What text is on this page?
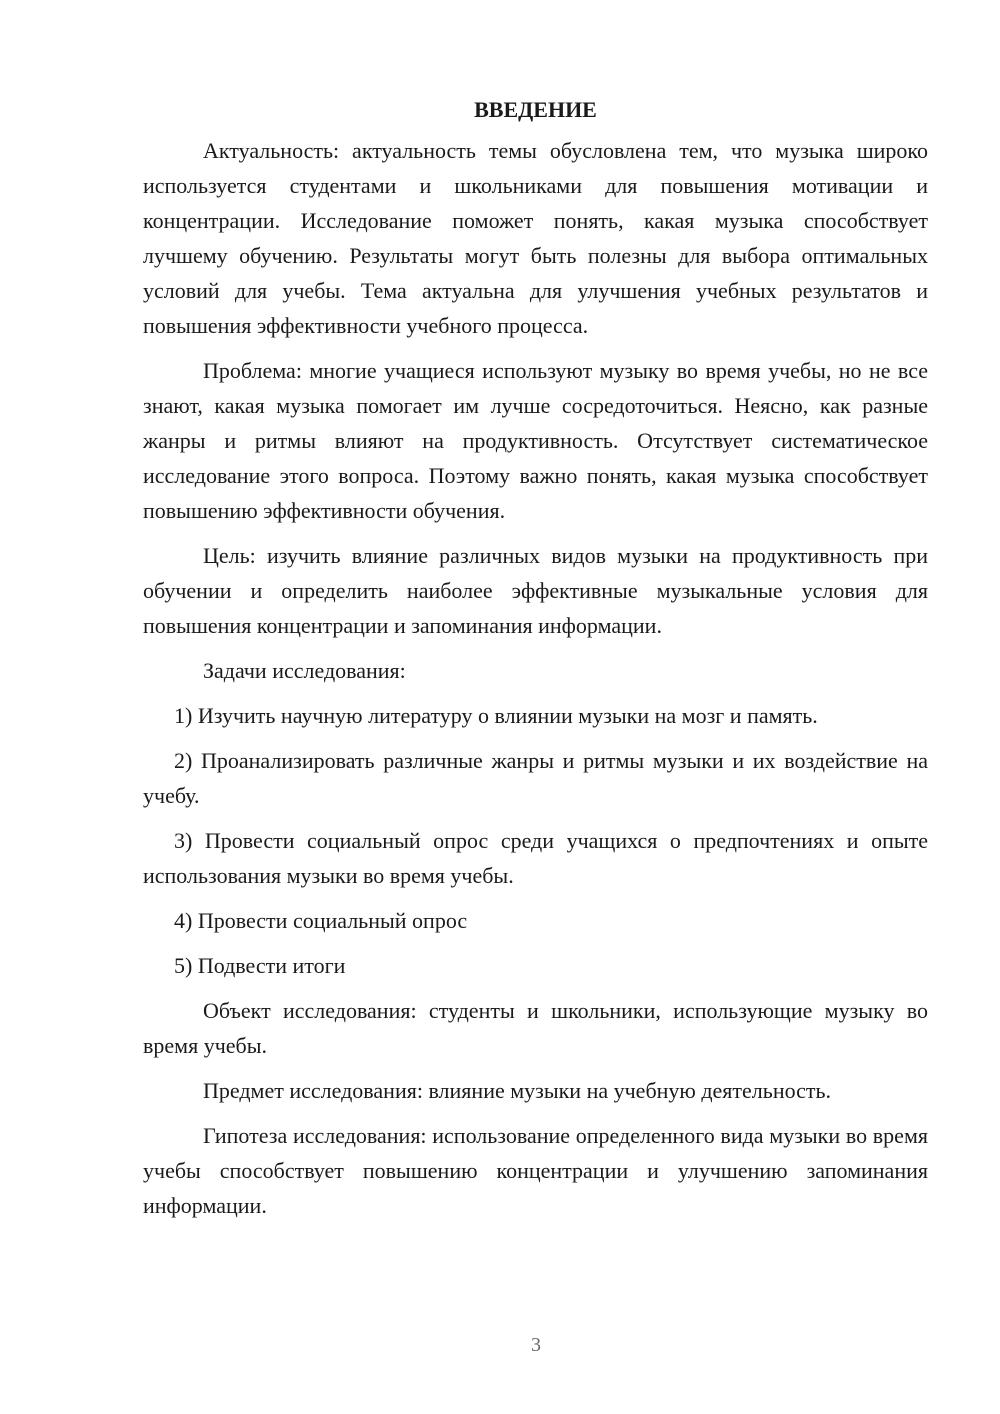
ВВЕДЕНИЕ

Актуальность: актуальность темы обусловлена тем, что музыка широко используется студентами и школьниками для повышения мотивации и концентрации. Исследование поможет понять, какая музыка способствует лучшему обучению. Результаты могут быть полезны для выбора оптимальных условий для учебы. Тема актуальна для улучшения учебных результатов и повышения эффективности учебного процесса.

Проблема: многие учащиеся используют музыку во время учебы, но не все знают, какая музыка помогает им лучше сосредоточиться. Неясно, как разные жанры и ритмы влияют на продуктивность. Отсутствует систематическое исследование этого вопроса. Поэтому важно понять, какая музыка способствует повышению эффективности обучения.

Цель: изучить влияние различных видов музыки на продуктивность при обучении и определить наиболее эффективные музыкальные условия для повышения концентрации и запоминания информации.

Задачи исследования:

1) Изучить научную литературу о влиянии музыки на мозг и память.

2) Проанализировать различные жанры и ритмы музыки и их воздействие на учебу.

3) Провести социальный опрос среди учащихся о предпочтениях и опыте использования музыки во время учебы.

4) Провести социальный опрос

5) Подвести итоги

Объект исследования: студенты и школьники, использующие музыку во время учебы.

Предмет исследования: влияние музыки на учебную деятельность.

Гипотеза исследования: использование определенного вида музыки во время учебы способствует повышению концентрации и улучшению запоминания информации.

3
